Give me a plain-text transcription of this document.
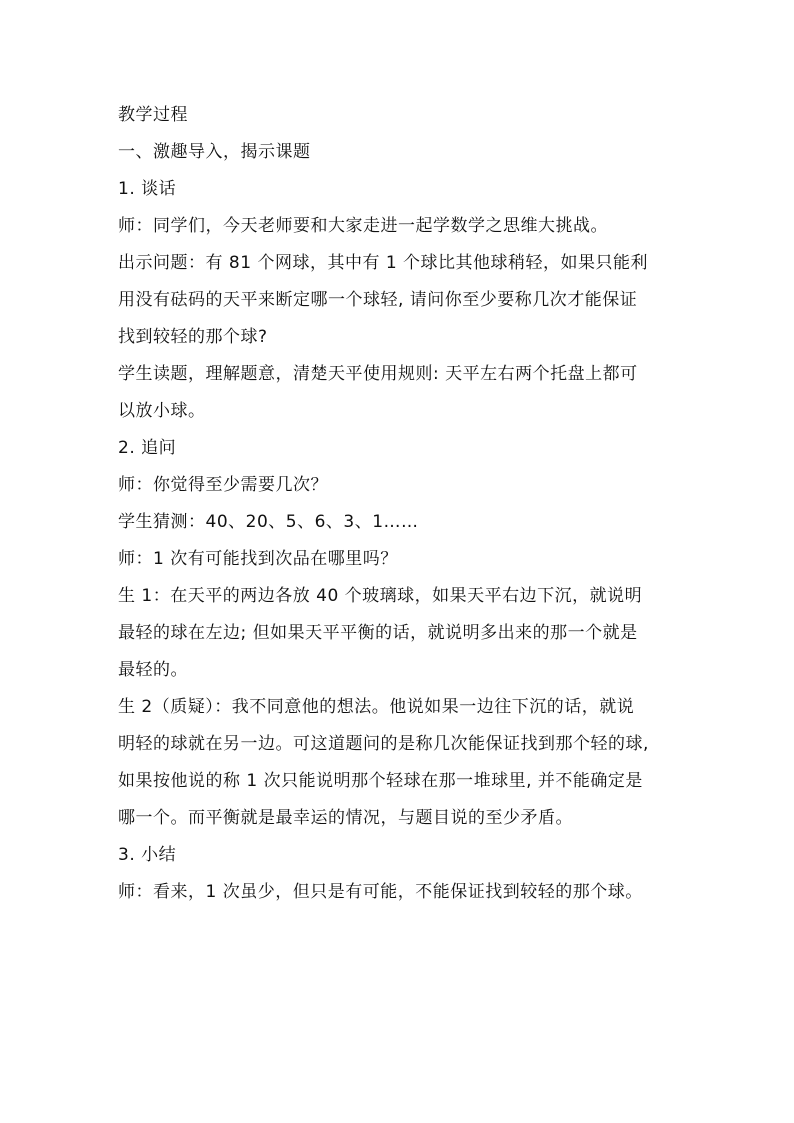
教学过程
一、激趣导入，揭示课题
1. 谈话
师：同学们，今天老师要和大家走进一起学数学之思维大挑战。
出示问题：有 81 个网球，其中有 1 个球比其他球稍轻，如果只能利
用没有砝码的天平来断定哪一个球轻, 请问你至少要称几次才能保证
找到较轻的那个球?
学生读题，理解题意，清楚天平使用规则: 天平左右两个托盘上都可
以放小球。
2. 追问
师：你觉得至少需要几次？
学生猜测：40、20、5、6、3、1……
师：1 次有可能找到次品在哪里吗？
生 1：在天平的两边各放 40 个玻璃球，如果天平右边下沉，就说明
最轻的球在左边; 但如果天平平衡的话，就说明多出来的那一个就是
最轻的。
生 2（质疑）：我不同意他的想法。他说如果一边往下沉的话，就说
明轻的球就在另一边。可这道题问的是称几次能保证找到那个轻的球,
如果按他说的称 1 次只能说明那个轻球在那一堆球里, 并不能确定是
哪一个。而平衡就是最幸运的情况，与题目说的至少矛盾。
3. 小结
师：看来，1 次虽少，但只是有可能，不能保证找到较轻的那个球。
